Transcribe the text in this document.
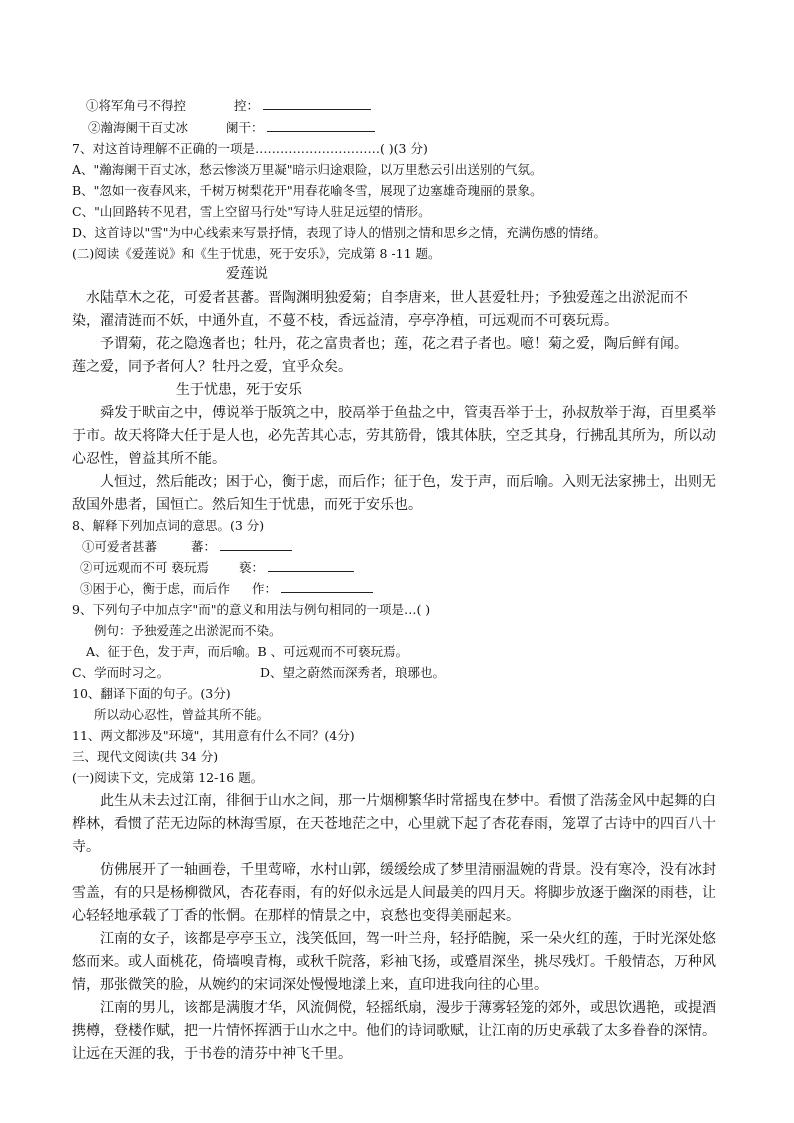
①将军角弓不得控	控：
②瀚海阑干百丈冰	阑干：
7、对这首诗理解不正确的一项是…………………………( )(3 分)
A、"瀚海阑干百丈冰，愁云惨淡万里凝"暗示归途艰险，以万里愁云引出送别的气氛。
B、"忽如一夜春风来，千树万树梨花开"用春花喻冬雪，展现了边塞雄奇瑰丽的景象。
C、"山回路转不见君，雪上空留马行处"写诗人驻足远望的情形。
D、这首诗以"雪"为中心线索来写景抒情，表现了诗人的惜别之情和思乡之情，充满伤感的情绪。
(二)阅读《爱莲说》和《生于忧患，死于安乐》，完成第 8 -11 题。
爱莲说
水陆草木之花，可爱者甚蕃。晋陶渊明独爱菊；自李唐来，世人甚爱牡丹；予独爱莲之出淤泥而不
染，濯清涟而不妖，中通外直，不蔓不枝，香远益清，亭亭净植，可远观而不可亵玩焉。
予谓菊，花之隐逸者也；牡丹，花之富贵者也；莲，花之君子者也。噫！菊之爱，陶后鲜有闻。
莲之爱，同予者何人？牡丹之爱，宜乎众矣。
生于忧患，死于安乐
舜发于畎亩之中，傅说举于版筑之中，胶鬲举于鱼盐之中，管夷吾举于士，孙叔敖举于海，百里奚举
于市。故天将降大任于是人也，必先苦其心志，劳其筋骨，饿其体肤，空乏其身，行拂乱其所为，所以动
心忍性，曾益其所不能。
人恒过，然后能改；困于心，衡于虑，而后作；征于色，发于声，而后喻。入则无法家拂士，出则无
敌国外患者，国恒亡。然后知生于忧患，而死于安乐也。
8、解释下列加点词的意思。(3 分)
①可爱者甚蕃	蕃：
②可远观而不可 亵玩焉 亵：
③困于心，衡于虑，而后作 作：
9、下列句子中加点字"而"的意义和用法与例句相同的一项是…( )
例句：予独爱莲之出淤泥而不染。
A、征于色，发于声，而后喻。B 、可远观而不可亵玩焉。
C、学而时习之。	D、望之蔚然而深秀者，琅琊也。
10、翻译下面的句子。(3分)
所以动心忍性，曾益其所不能。
11、两文都涉及"环境"，其用意有什么不同？(4分)
三、现代文阅读(共 34 分)
(一)阅读下文，完成第 12-16 题。
此生从未去过江南，徘徊于山水之间，那一片烟柳繁华时常摇曳在梦中。看惯了浩荡金风中起舞的白
桦林，看惯了茫无边际的林海雪原，在天苍地茫之中，心里就下起了杏花春雨，笼罩了古诗中的四百八十
寺。
仿佛展开了一轴画卷，千里莺啼，水村山郭，缓缓绘成了梦里清丽温婉的背景。没有寒冷，没有冰封
雪盖，有的只是杨柳微风，杏花春雨，有的好似永远是人间最美的四月天。将脚步放逐于幽深的雨巷，让
心轻轻地承载了丁香的怅惘。在那样的情景之中，哀愁也变得美丽起来。
江南的女子，该都是亭亭玉立，浅笑低回，驾一叶兰舟，轻抒皓腕，采一朵火红的莲，于时光深处悠
悠而来。或人面桃花，倚墙嗅青梅，或秋千院落，彩袖飞扬，或蹙眉深坐，挑尽残灯。千般情态，万种风
情，那张微笑的脸，从婉约的宋词深处慢慢地漾上来，直印进我向往的心里。
江南的男儿，该都是满腹才华，风流倜傥，轻摇纸扇，漫步于薄雾轻笼的郊外，或思饮遇艳，或提酒
携樽，登楼作赋，把一片情怀挥洒于山水之中。他们的诗词歌赋，让江南的历史承载了太多眷眷的深情。
让远在天涯的我，于书卷的清芬中神飞千里。
